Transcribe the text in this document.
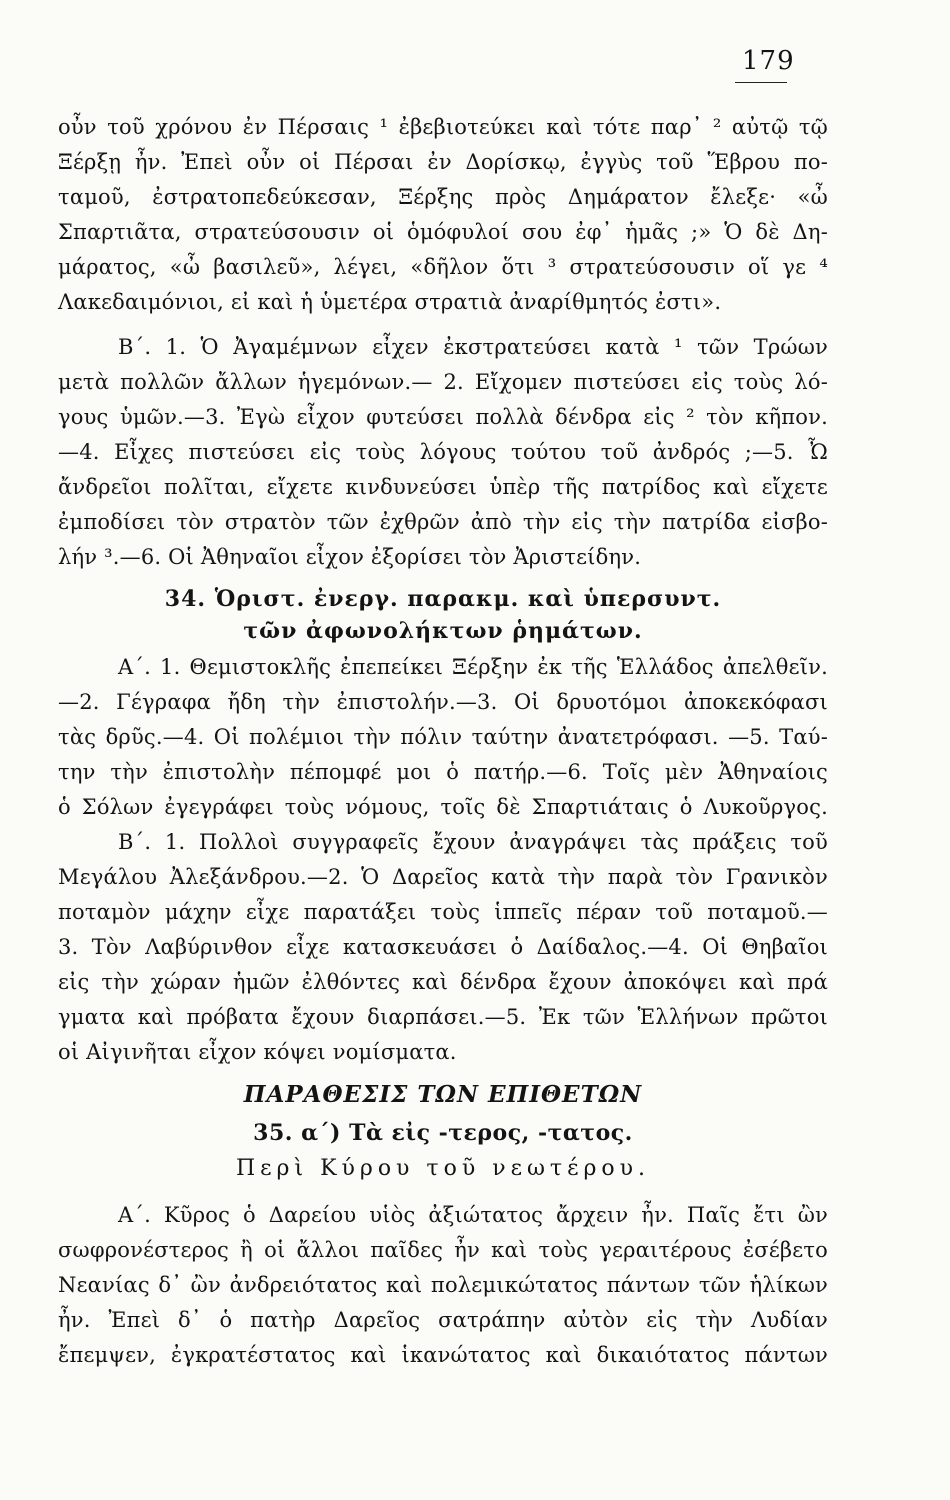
179
οὖν τοῦ χρόνου ἐν Πέρσαις ¹ ἐβεβιοτεύκει καὶ τότε παρ᾿ ² αὐτῷ τῷ
Ξέρξῃ ἦν. Ἐπεὶ οὖν οἱ Πέρσαι ἐν Δορίσκῳ, ἐγγὺς τοῦ Ἕβρου πο-
ταμοῦ, ἐστρατοπεδεύκεσαν, Ξέρξης πρὸς Δημάρατον ἔλεξε· «ὦ
Σπαρτιᾶτα, στρατεύσουσιν οἱ ὁμόφυλοί σου ἐφ᾿ ἡμᾶς ;» Ὁ δὲ Δη-
μάρατος, «ὦ βασιλεῦ», λέγει, «δῆλον ὅτι ³ στρατεύσουσιν οἵ γε ⁴
Λακεδαιμόνιοι, εἰ καὶ ἡ ὑμετέρα στρατιὰ ἀναρίθμητός ἐστι».
Β΄. 1. Ὁ Ἀγαμέμνων εἶχεν ἐκστρατεύσει κατὰ ¹ τῶν Τρώων
μετὰ πολλῶν ἄλλων ἡγεμόνων.— 2. Εἴχομεν πιστεύσει εἰς τοὺς λό-
γους ὑμῶν.—3. Ἐγὼ εἶχον φυτεύσει πολλὰ δένδρα εἰς ² τὸν κῆπον.
—4. Εἶχες πιστεύσει εἰς τοὺς λόγους τούτου τοῦ ἀνδρός ;—5. Ὦ
ἄνδρεῖοι πολῖται, εἴχετε κινδυνεύσει ὑπὲρ τῆς πατρίδος καὶ εἴχετε
ἐμποδίσει τὸν στρατὸν τῶν ἐχθρῶν ἀπὸ τὴν εἰς τὴν πατρίδα εἰσβο-
λήν ³.—6. Οἱ Ἀθηναῖοι εἶχον ἐξορίσει τὸν Ἀριστείδην.
34. Ὁριστ. ἐνεργ. παρακμ. καὶ ὑπερσυντ.
τῶν ἀφωνολήκτων ῥημάτων.
Α΄. 1. Θεμιστοκλῆς ἐπεπείκει Ξέρξην ἐκ τῆς Ἑλλάδος ἀπελθεῖν.
—2. Γέγραφα ἤδη τὴν ἐπιστολήν.—3. Οἱ δρυοτόμοι ἀποκεκόφασι
τὰς δρῦς.—4. Οἱ πολέμιοι τὴν πόλιν ταύτην ἀνατετρόφασι. —5. Ταύ-
την τὴν ἐπιστολὴν πέπομφέ μοι ὁ πατήρ.—6. Τοῖς μὲν Ἀθηναίοις
ὁ Σόλων ἐγεγράφει τοὺς νόμους, τοῖς δὲ Σπαρτιάταις ὁ Λυκοῦργος.
Β΄. 1. Πολλοὶ συγγραφεῖς ἔχουν ἀναγράψει τὰς πράξεις τοῦ
Μεγάλου Ἀλεξάνδρου.—2. Ὁ Δαρεῖος κατὰ τὴν παρὰ τὸν Γρανικὸν
ποταμὸν μάχην εἶχε παρατάξει τοὺς ἱππεῖς πέραν τοῦ ποταμοῦ.—
3. Τὸν Λαβύρινθον εἶχε κατασκευάσει ὁ Δαίδαλος.—4. Οἱ Θηβαῖοι
εἰς τὴν χώραν ἡμῶν ἐλθόντες καὶ δένδρα ἔχουν ἀποκόψει καὶ πρά
γματα καὶ πρόβατα ἔχουν διαρπάσει.—5. Ἐκ τῶν Ἑλλήνων πρῶτοι
οἱ Αἰγινῆται εἶχον κόψει νομίσματα.
ΠΑΡΑΘΕΣΙΣ ΤΩΝ ΕΠΙΘΕΤΩΝ
35. α΄) Τὰ εἰς -τερος, -τατος.
Περὶ Κύρου τοῦ νεωτέρου.
Α΄. Κῦρος ὁ Δαρείου υἱὸς ἀξιώτατος ἄρχειν ἦν. Παῖς ἔτι ὢν
σωφρονέστερος ἢ οἱ ἄλλοι παῖδες ἦν καὶ τοὺς γεραιτέρους ἐσέβετο
Νεανίας δ᾿ ὢν ἀνδρειότατος καὶ πολεμικώτατος πάντων τῶν ἡλίκων
ἦν. Ἐπεὶ δ᾿ ὁ πατὴρ Δαρεῖος σατράπην αὐτὸν εἰς τὴν Λυδίαν
ἔπεμψεν, ἐγκρατέστατος καὶ ἱκανώτατος καὶ δικαιότατος πάντων
